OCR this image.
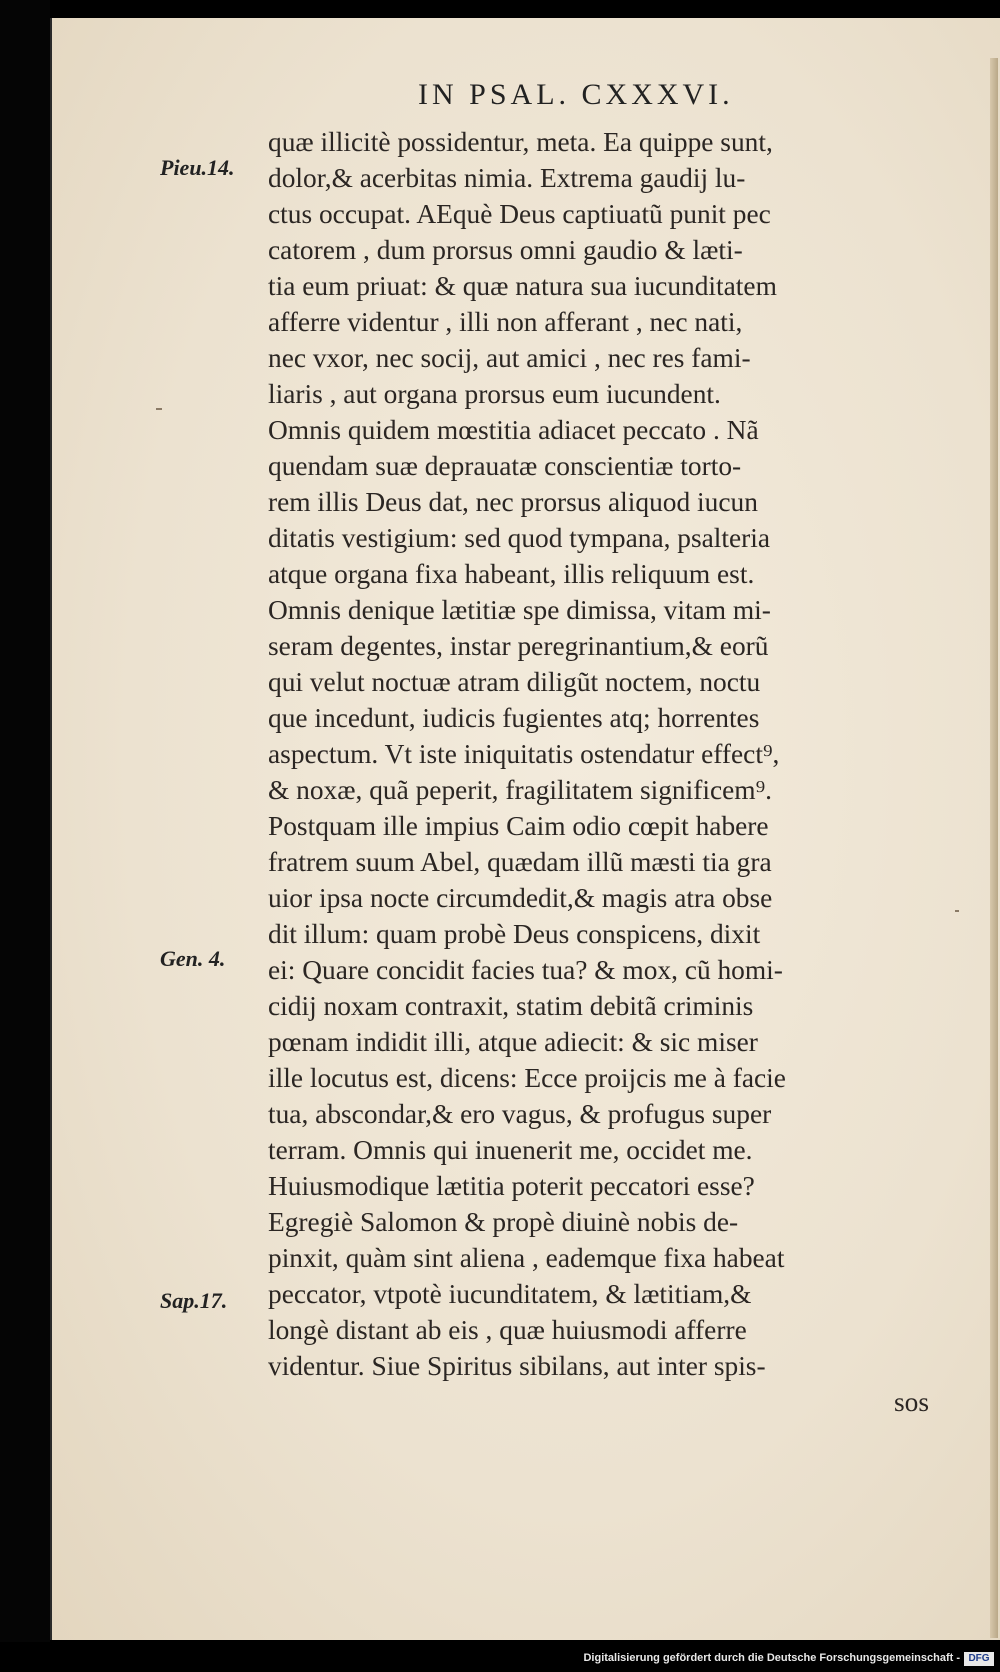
IN PSAL. CXXXVI.
Pieu.14.
Gen. 4.
Sap.17.
quæ illicitè possidentur, meta. Ea quippe sunt,
dolor,& acerbitas nimia. Extrema gaudij lu-
ctus occupat. AEquè Deus captiuatũ punit pec
catorem , dum prorsus omni gaudio & læti-
tia eum priuat: & quæ natura sua iucunditatem
afferre videntur , illi non afferant , nec nati,
nec vxor, nec socij, aut amici , nec res fami-
liaris , aut organa prorsus eum iucundent.
Omnis quidem mœstitia adiacet peccato . Nã
quendam suæ deprauatæ conscientiæ torto-
rem illis Deus dat, nec prorsus aliquod iucun
ditatis vestigium: sed quod tympana, psalteria
atque organa fixa habeant, illis reliquum est.
Omnis denique lætitiæ spe dimissa, vitam mi-
seram degentes, instar peregrinantium,& eorũ
qui velut noctuæ atram diligũt noctem, noctu
que incedunt, iudicis fugientes atq; horrentes
aspectum. Vt iste iniquitatis ostendatur effect⁹,
& noxæ, quã peperit, fragilitatem significem⁹.
Postquam ille impius Caim odio cœpit habere
fratrem suum Abel, quædam illũ mæsti tia gra
uior ipsa nocte circumdedit,& magis atra obse
dit illum: quam probè Deus conspicens, dixit
ei: Quare concidit facies tua? & mox, cũ homi-
cidij noxam contraxit, statim debitã criminis
pœnam indidit illi, atque adiecit: & sic miser
ille locutus est, dicens: Ecce proijcis me à facie
tua, abscondar,& ero vagus, & profugus super
terram. Omnis qui inuenerit me, occidet me.
Huiusmodique lætitia poterit peccatori esse?
Egregiè Salomon & propè diuinè nobis de-
pinxit, quàm sint aliena , eademque fixa habeat
peccator, vtpotè iucunditatem, & lætitiam,&
longè distant ab eis , quæ huiusmodi afferre
videntur. Siue Spiritus sibilans, aut inter spis-
sos
Digitalisierung gefördert durch die Deutsche Forschungsgemeinschaft - DFG
